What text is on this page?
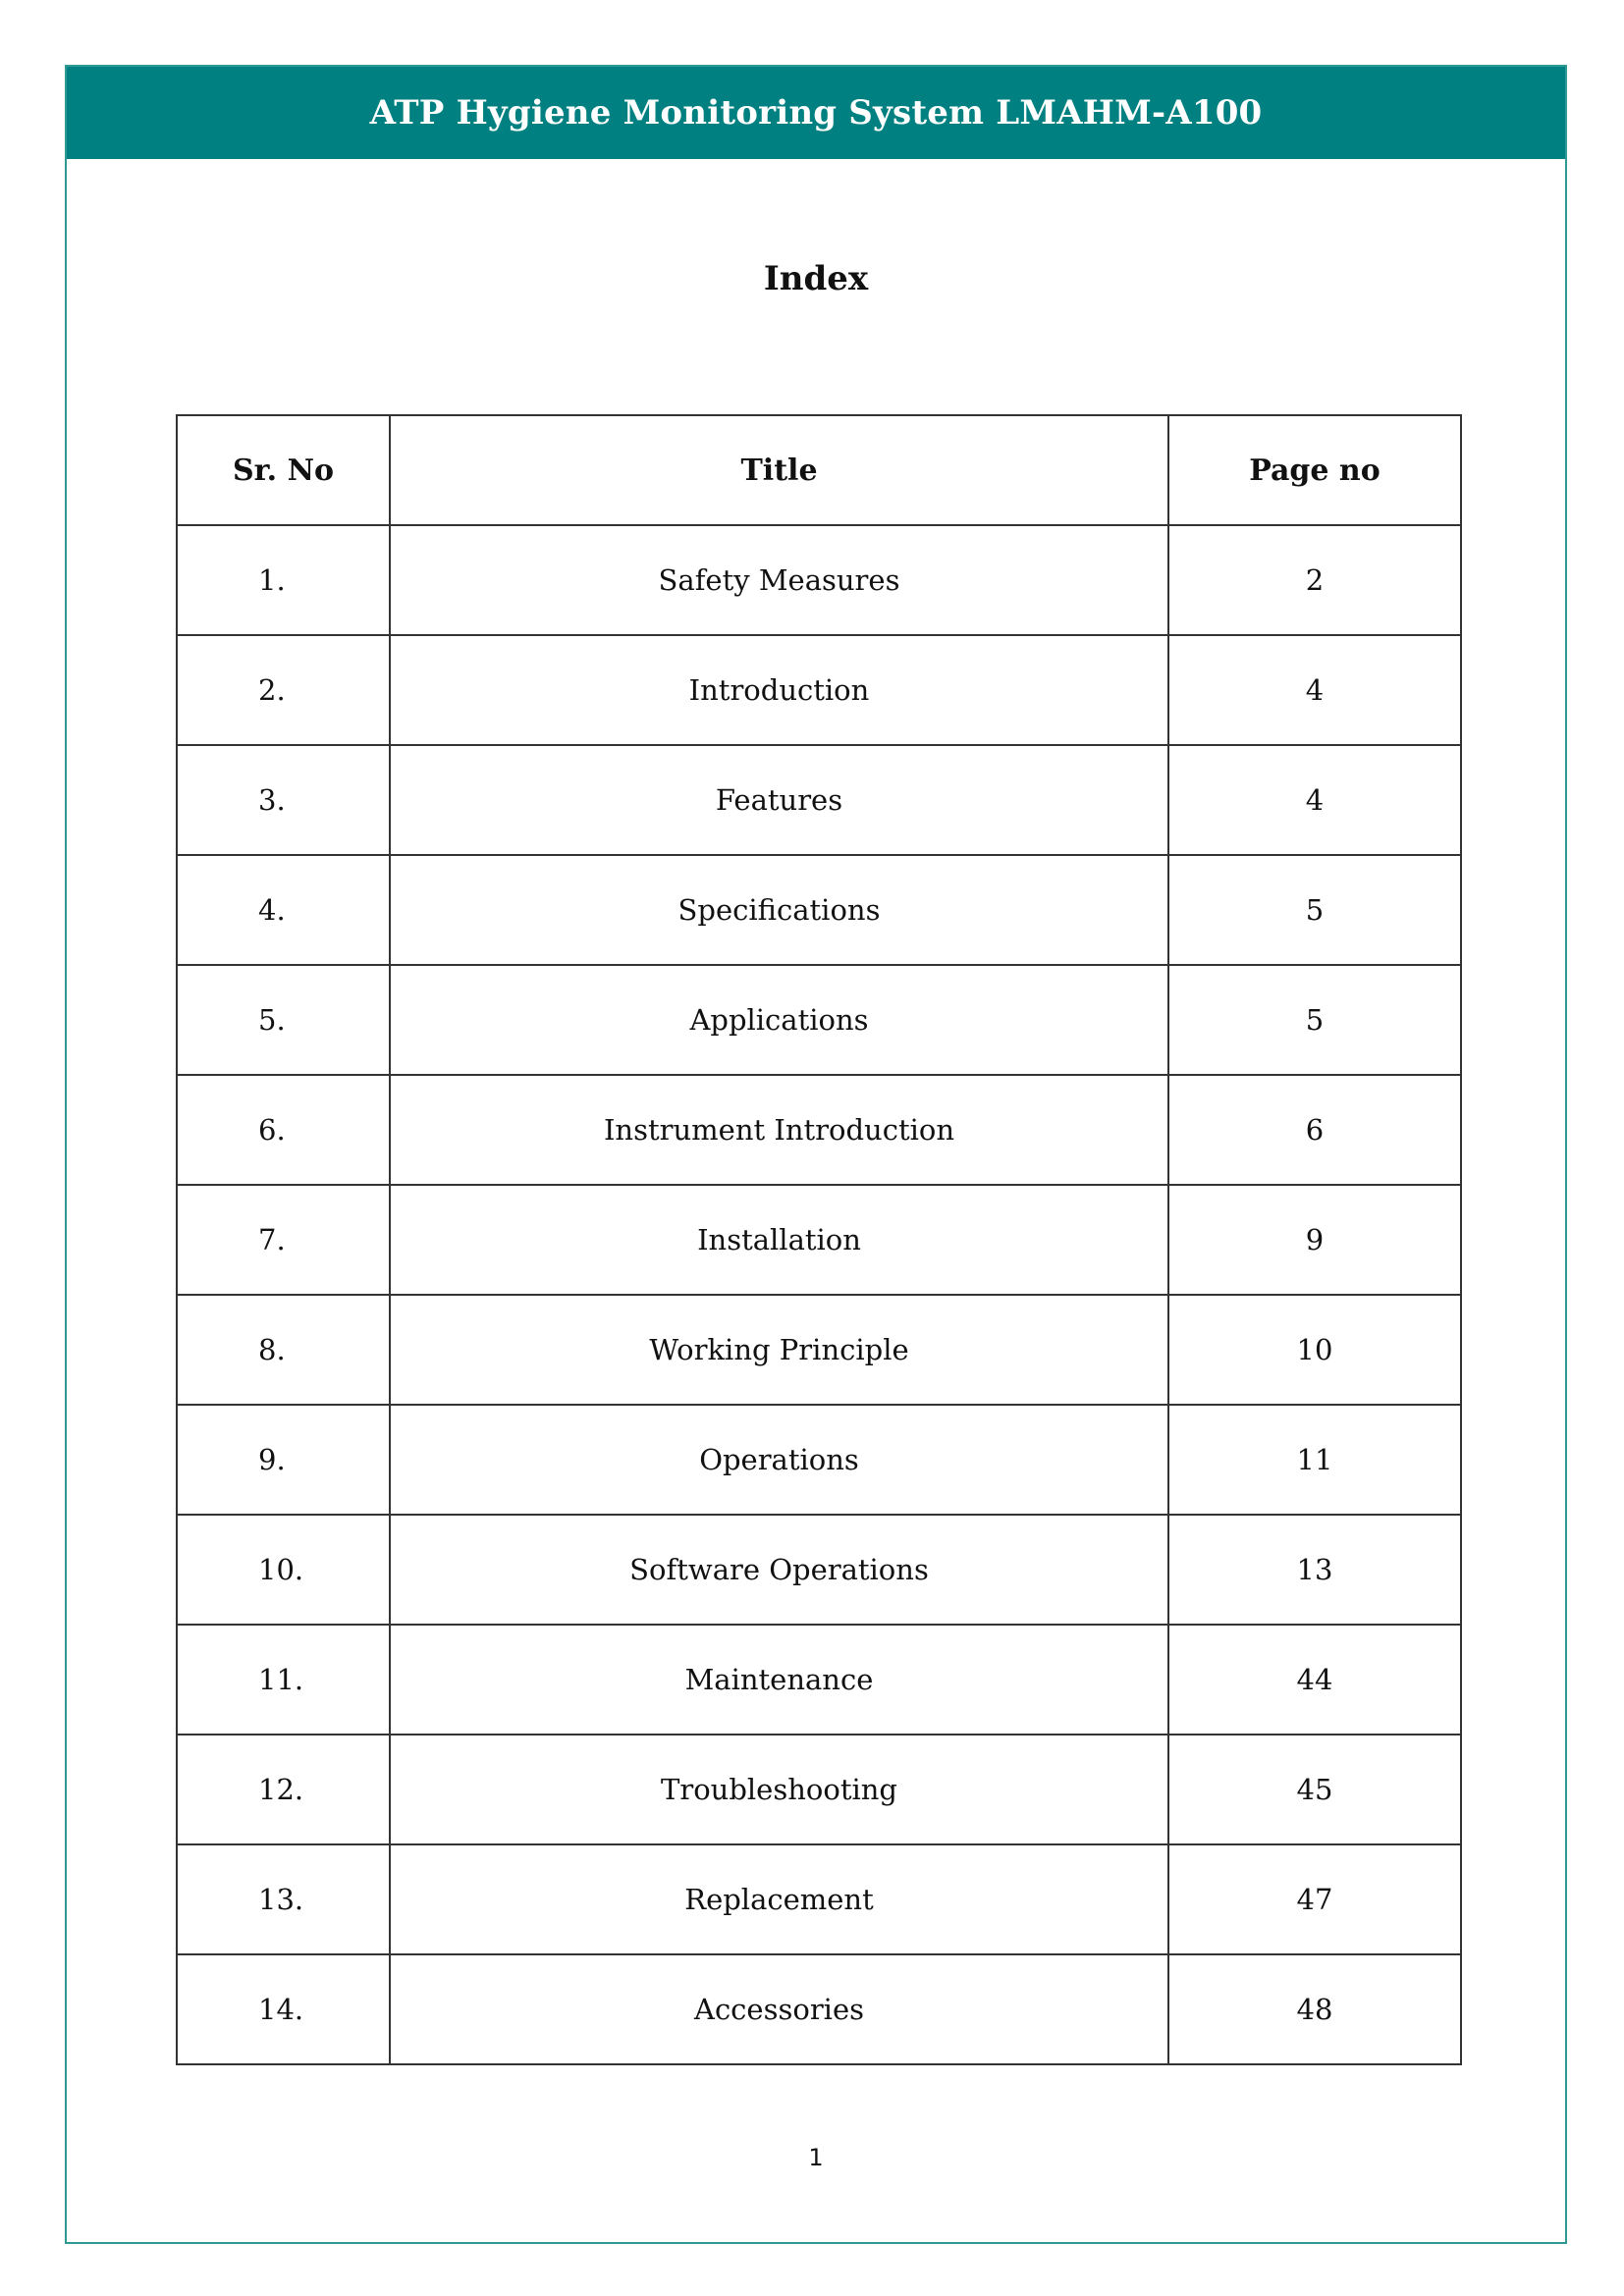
ATP Hygiene Monitoring System LMAHM-A100
Index
Sr. No	Title	Page no
1.	Safety Measures	2
2.	Introduction	4
3.	Features	4
4.	Specifications	5
5.	Applications	5
6.	Instrument Introduction	6
7.	Installation	9
8.	Working Principle	10
9.	Operations	11
10.	Software Operations	13
11.	Maintenance	44
12.	Troubleshooting	45
13.	Replacement	47
14.	Accessories	48
1
